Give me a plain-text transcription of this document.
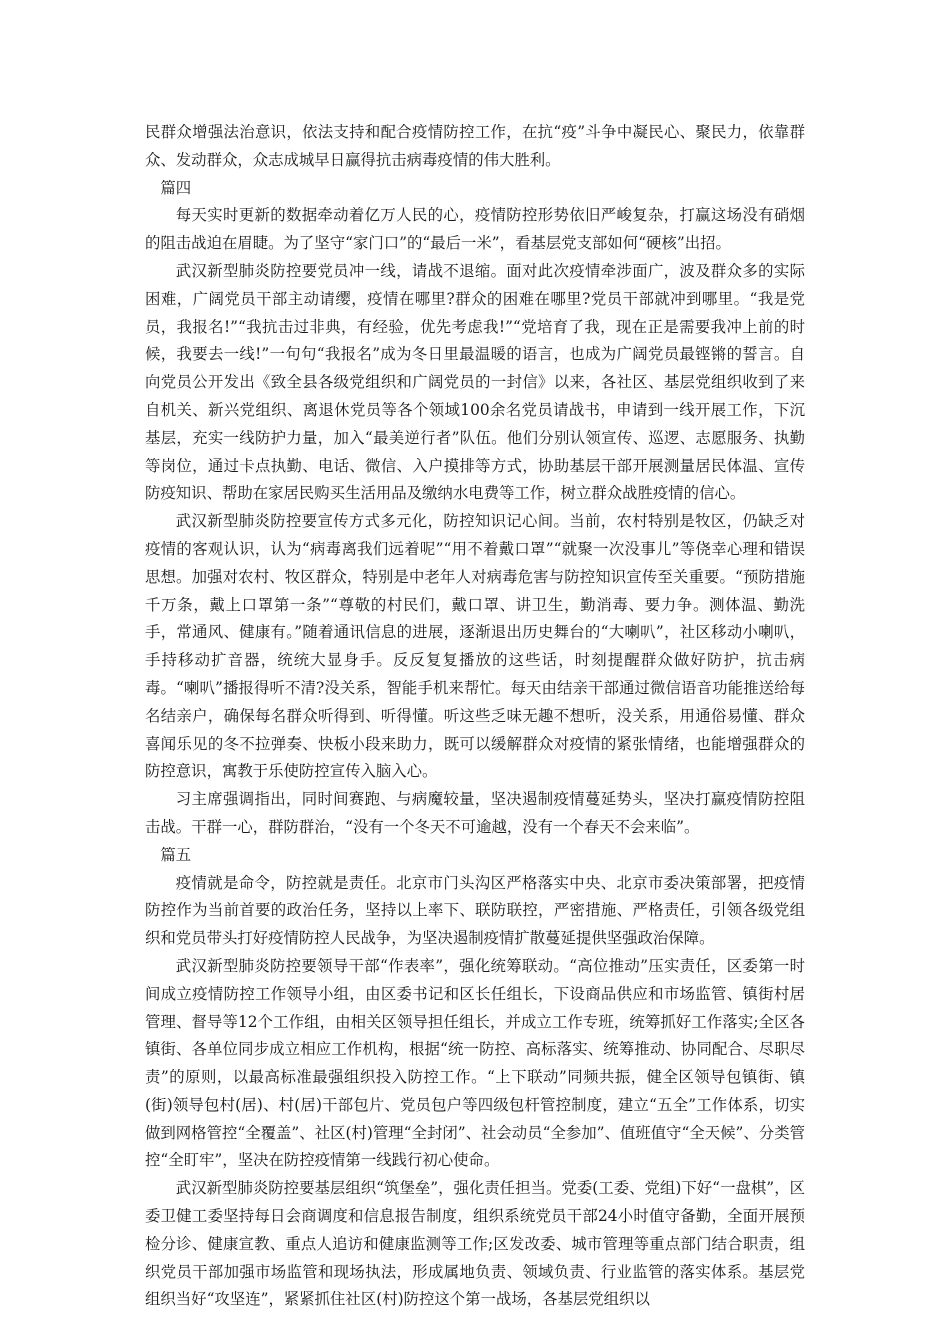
民群众增强法治意识，依法支持和配合疫情防控工作，在抗“疫”斗争中凝民心、聚民力，依靠群众、发动群众，众志成城早日赢得抗击病毒疫情的伟大胜利。

篇四

每天实时更新的数据牵动着亿万人民的心，疫情防控形势依旧严峻复杂，打赢这场没有硝烟的阻击战迫在眉睫。为了坚守“家门口”的“最后一米”，看基层党支部如何“硬核”出招。

武汉新型肺炎防控要党员冲一线，请战不退缩。面对此次疫情牵涉面广，波及群众多的实际困难，广阔党员干部主动请缨，疫情在哪里?群众的困难在哪里?党员干部就冲到哪里。“我是党员，我报名!”“我抗击过非典，有经验，优先考虑我!”“党培育了我，现在正是需要我冲上前的时候，我要去一线!”一句句“我报名”成为冬日里最温暖的语言，也成为广阔党员最铿锵的誓言。自向党员公开发出《致全县各级党组织和广阔党员的一封信》以来，各社区、基层党组织收到了来自机关、新兴党组织、离退休党员等各个领域100余名党员请战书，申请到一线开展工作，下沉基层，充实一线防护力量，加入“最美逆行者”队伍。他们分别认领宣传、巡逻、志愿服务、执勤等岗位，通过卡点执勤、电话、微信、入户摸排等方式，协助基层干部开展测量居民体温、宣传防疫知识、帮助在家居民购买生活用品及缴纳水电费等工作，树立群众战胜疫情的信心。

武汉新型肺炎防控要宣传方式多元化，防控知识记心间。当前，农村特别是牧区，仍缺乏对疫情的客观认识，认为“病毒离我们远着呢”“用不着戴口罩”“就聚一次没事儿”等侥幸心理和错误思想。加强对农村、牧区群众，特别是中老年人对病毒危害与防控知识宣传至关重要。“预防措施千万条，戴上口罩第一条”“尊敬的村民们，戴口罩、讲卫生，勤消毒、要力争。测体温、勤洗手，常通风、健康有。”随着通讯信息的进展，逐渐退出历史舞台的“大喇叭”，社区移动小喇叭，手持移动扩音器，统统大显身手。反反复复播放的这些话，时刻提醒群众做好防护，抗击病毒。“喇叭”播报得听不清?没关系，智能手机来帮忙。每天由结亲干部通过微信语音功能推送给每名结亲户，确保每名群众听得到、听得懂。听这些乏味无趣不想听，没关系，用通俗易懂、群众喜闻乐见的冬不拉弹奏、快板小段来助力，既可以缓解群众对疫情的紧张情绪，也能增强群众的防控意识，寓教于乐使防控宣传入脑入心。

习主席强调指出，同时间赛跑、与病魔较量，坚决遏制疫情蔓延势头，坚决打赢疫情防控阻击战。干群一心，群防群治，“没有一个冬天不可逾越，没有一个春天不会来临”。

篇五

疫情就是命令，防控就是责任。北京市门头沟区严格落实中央、北京市委决策部署，把疫情防控作为当前首要的政治任务，坚持以上率下、联防联控，严密措施、严格责任，引领各级党组织和党员带头打好疫情防控人民战争，为坚决遏制疫情扩散蔓延提供坚强政治保障。

武汉新型肺炎防控要领导干部“作表率”，强化统筹联动。“高位推动”压实责任，区委第一时间成立疫情防控工作领导小组，由区委书记和区长任组长，下设商品供应和市场监管、镇街村居管理、督导等12个工作组，由相关区领导担任组长，并成立工作专班，统筹抓好工作落实;全区各镇街、各单位同步成立相应工作机构，根据“统一防控、高标落实、统筹推动、协同配合、尽职尽责”的原则，以最高标准最强组织投入防控工作。“上下联动”同频共振，健全区领导包镇街、镇(街)领导包村(居)、村(居)干部包片、党员包户等四级包杆管控制度，建立“五全”工作体系，切实做到网格管控“全覆盖”、社区(村)管理“全封闭”、社会动员“全参加”、值班值守“全天候”、分类管控“全盯牢”，坚决在防控疫情第一线践行初心使命。

武汉新型肺炎防控要基层组织“筑堡垒”，强化责任担当。党委(工委、党组)下好“一盘棋”，区委卫健工委坚持每日会商调度和信息报告制度，组织系统党员干部24小时值守备勤，全面开展预检分诊、健康宣教、重点人追访和健康监测等工作;区发改委、城市管理等重点部门结合职责，组织党员干部加强市场监管和现场执法，形成属地负责、领域负责、行业监管的落实体系。基层党组织当好“攻坚连”，紧紧抓住社区(村)防控这个第一战场，各基层党组织以
